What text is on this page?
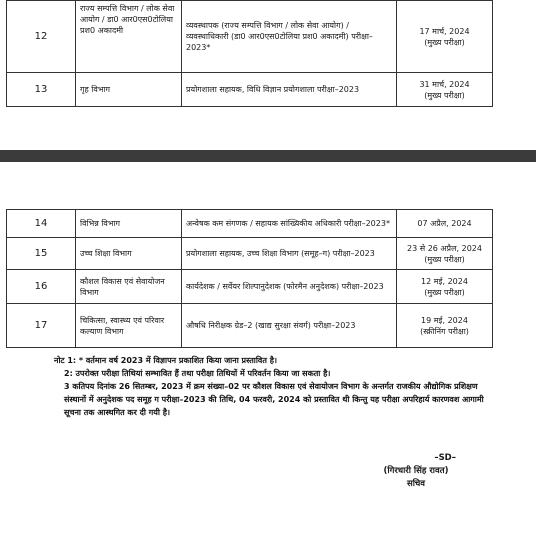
12	राज्य सम्पत्ति विभाग / लोक सेवा आयोग / डा0 आर0एस0टोलिया प्रश0 अकादमी	व्यवस्थापक (राज्य सम्पत्ति विभाग / लोक सेवा आयोग) / व्यवस्थाधिकारी (डा0 आर0एस0टोलिया प्रश0 अकादमी) परीक्षा–2023*	17 मार्च, 2024
(मुख्य परीक्षा)

13	गृह विभाग	प्रयोगशाला सहायक, विधि विज्ञान प्रयोगशाला परीक्षा–2023	31 मार्च, 2024
(मुख्य परीक्षा)
14	विभिन्न विभाग	अन्वेषक कम संगणक / सहायक सांख्यिकीय अधिकारी परीक्षा–2023*	07 अप्रैल, 2024

15	उच्च शिक्षा विभाग	प्रयोगशाला सहायक, उच्च शिक्षा विभाग (समूह–ग) परीक्षा–2023	23 से 26 अप्रैल, 2024
(मुख्य परीक्षा)

16	कौशल विकास एवं सेवायोजन विभाग	कार्यदेशक / सर्वेयर शिल्पानुदेशक (फोरमैन अनुदेशक) परीक्षा–2023	12 मई, 2024
(मुख्य परीक्षा)

17	चिकित्सा, स्वास्थ्य एवं परिवार कल्याण विभाग	औषधि निरीक्षक ग्रेड–2 (खाद्य सुरक्षा संवर्ग) परीक्षा–2023	19 मई, 2024
(स्क्रीनिंग परीक्षा)

नोट 1: * वर्तमान वर्ष 2023 में विज्ञापन प्रकाशित किया जाना प्रस्तावित है।

2: उपरोक्त परीक्षा तिथियां सम्भावित हैं तथा परीक्षा तिथियों में परिवर्तन किया जा सकता है।

3 कतिपय दिनांक 26 सितम्बर, 2023 में क्रम संख्या–02 पर कौशल विकास एवं सेवायोजन विभाग के अन्तर्गत राजकीय औद्योगिक प्रशिक्षण संस्थानों में अनुदेशक पद समूह ग परीक्षा–2023 की तिथि, 04 फरवरी, 2024 को प्रस्तावित थी किन्तु यह परीक्षा अपरिहार्य कारणवश आगामी सूचना तक आस्थगित कर दी गयी है।

–SD–
(गिरधारी सिंह रावत)
सचिव
